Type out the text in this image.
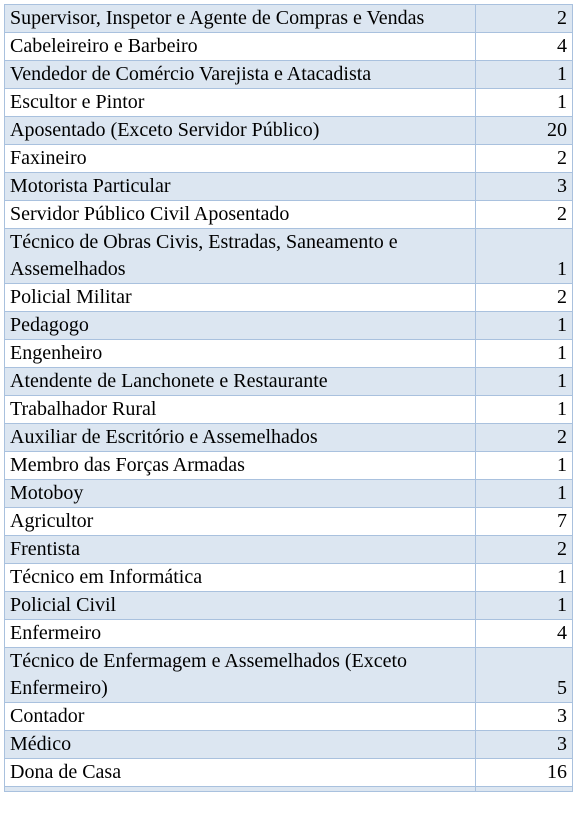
Supervisor, Inspetor e Agente de Compras e Vendas	2
Cabeleireiro e Barbeiro	4
Vendedor de Comércio Varejista e Atacadista	1
Escultor e Pintor	1
Aposentado (Exceto Servidor Público)	20
Faxineiro	2
Motorista Particular	3
Servidor Público Civil Aposentado	2
Técnico de Obras Civis, Estradas, Saneamento e Assemelhados	1
Policial Militar	2
Pedagogo	1
Engenheiro	1
Atendente de Lanchonete e Restaurante	1
Trabalhador Rural	1
Auxiliar de Escritório e Assemelhados	2
Membro das Forças Armadas	1
Motoboy	1
Agricultor	7
Frentista	2
Técnico em Informática	1
Policial Civil	1
Enfermeiro	4
Técnico de Enfermagem e Assemelhados (Exceto Enfermeiro)	5
Contador	3
Médico	3
Dona de Casa	16
